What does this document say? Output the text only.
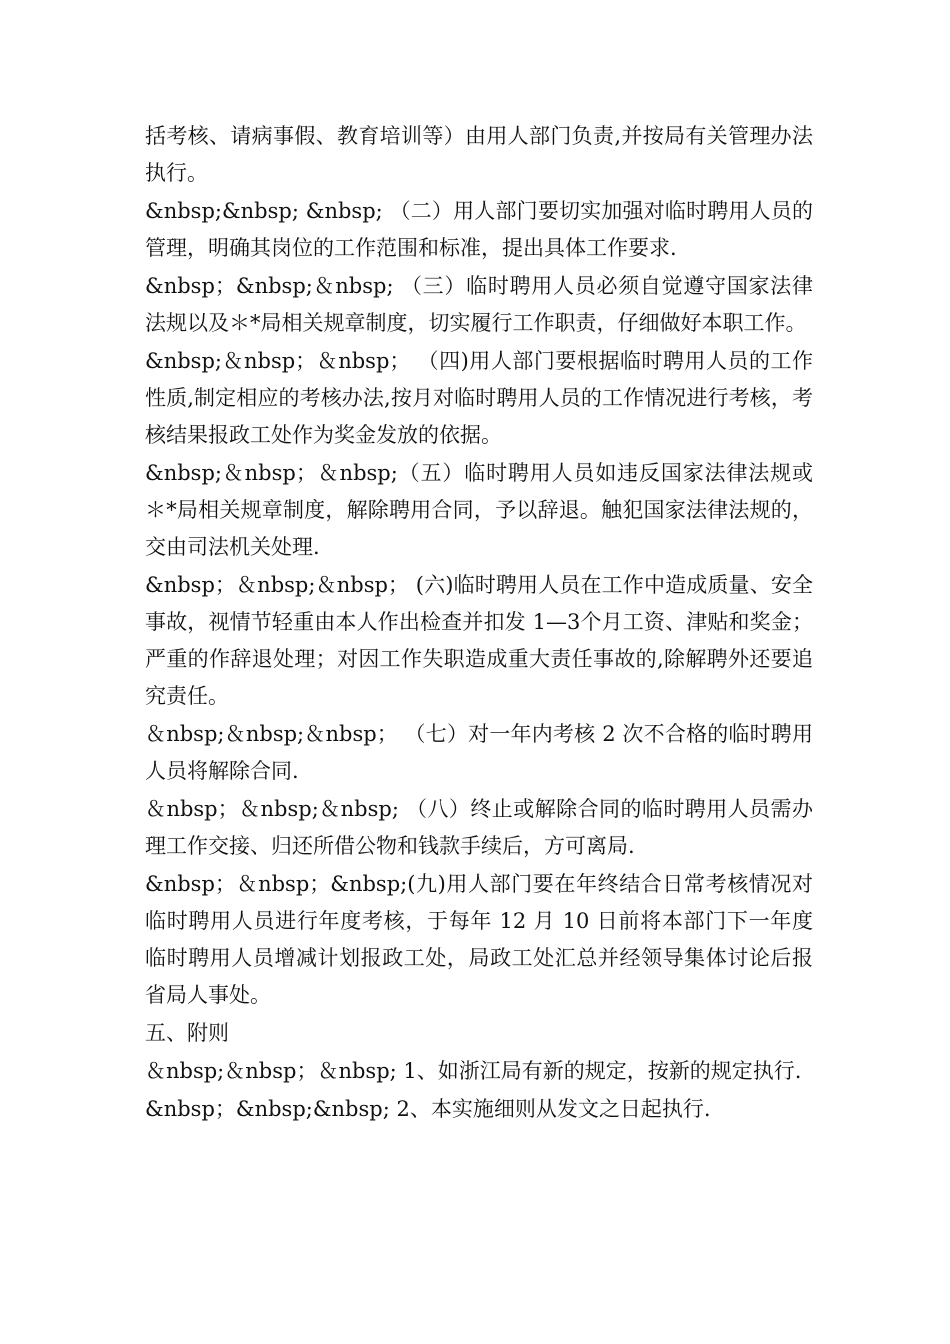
括考核、请病事假、教育培训等）由用人部门负责,并按局有关管理办法执行。

&nbsp;&nbsp; &nbsp; （二）用人部门要切实加强对临时聘用人员的管理，明确其岗位的工作范围和标准，提出具体工作要求.

&nbsp；&nbsp;＆nbsp; （三）临时聘用人员必须自觉遵守国家法律法规以及＊*局相关规章制度，切实履行工作职责，仔细做好本职工作。

&nbsp;＆nbsp；＆nbsp； （四)用人部门要根据临时聘用人员的工作性质,制定相应的考核办法,按月对临时聘用人员的工作情况进行考核，考核结果报政工处作为奖金发放的依据。

&nbsp;＆nbsp；＆nbsp;（五）临时聘用人员如违反国家法律法规或＊*局相关规章制度，解除聘用合同，予以辞退。触犯国家法律法规的，交由司法机关处理.

&nbsp；＆nbsp;＆nbsp； (六)临时聘用人员在工作中造成质量、安全事故，视情节轻重由本人作出检查并扣发 1—3个月工资、津贴和奖金；严重的作辞退处理；对因工作失职造成重大责任事故的,除解聘外还要追究责任。

＆nbsp;＆nbsp;＆nbsp； （七）对一年内考核 2 次不合格的临时聘用人员将解除合同.

＆nbsp；＆nbsp;＆nbsp; （八）终止或解除合同的临时聘用人员需办理工作交接、归还所借公物和钱款手续后，方可离局.

&nbsp；＆nbsp；&nbsp;(九)用人部门要在年终结合日常考核情况对临时聘用人员进行年度考核，于每年 12 月 10 日前将本部门下一年度临时聘用人员增减计划报政工处，局政工处汇总并经领导集体讨论后报省局人事处。

五、附则

＆nbsp;＆nbsp；＆nbsp; 1、如浙江局有新的规定，按新的规定执行.

&nbsp；&nbsp;&nbsp; 2、本实施细则从发文之日起执行.
